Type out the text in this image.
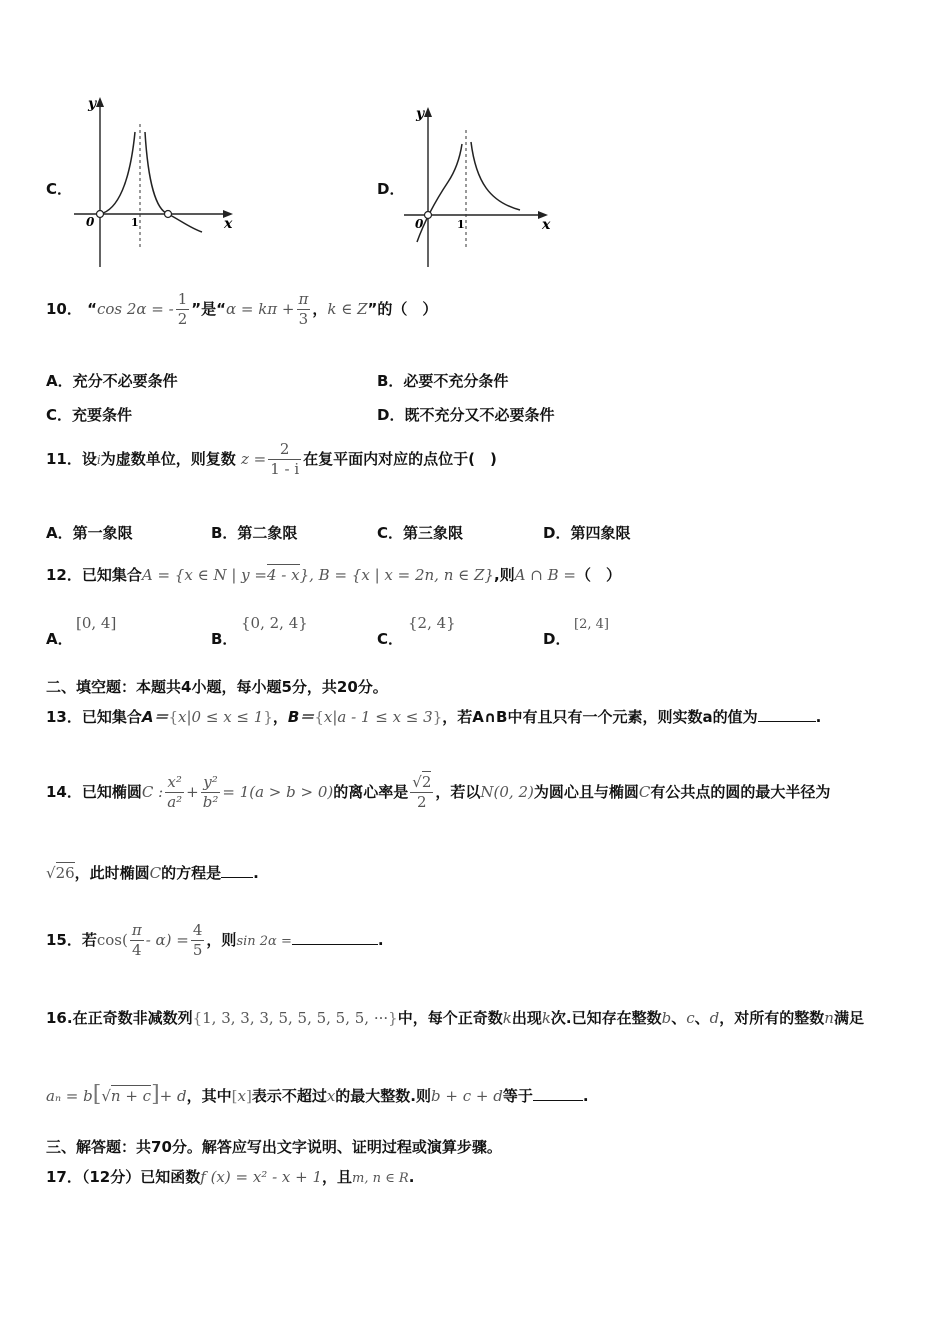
C．
y
x
0	1
D．
y
x
0	1
10． “cos 2α = - $\frac{1}{2}$ ”是“$\alpha = k\pi + \frac{\pi}{3}$ ，k ∈ Z”的（　）
A．充分不必要条件	B．必要不充分条件
C．充要条件	D．既不充分又不必要条件
11．设i为虚数单位，则复数 $z = \frac{2}{1 - i}$ 在复平面内对应的点位于(　)
A．第一象限	B．第二象限	C．第三象限	D．第四象限
12．已知集合A = {x ∈ N | y =4 - x}, B = {x | x = 2n, n ∈ Z},则A ∩ B =（　）
A．
[0, 4]
B．
{0, 2, 4}
C．
{2, 4}
D．
[2, 4]
二、填空题：本题共4小题，每小题5分，共20分。
13．已知集合A＝{x|0 ≤ x ≤ 1}，B＝{x|a - 1 ≤ x ≤ 3}，若A∩B中有且只有一个元素，则实数a的值为	.
14．已知椭圆C : $\frac{\text{x²}}{\text{a²}} + \frac{\text{y²}}{\text{b²}} = 1(a > b > 0)$的离心率是 $\frac{√2}{2}$ ，若以N(0, 2)为圆心且与椭圆C有公共点的圆的最大半径为
√26，此时椭圆C的方程是 .
15．若$\cos( \frac{\pi}{4} - \alpha) = \frac{4}{5}$ ，则sin 2α =	.
16.在正奇数非减数列{1, 3, 3, 3, 5, 5, 5, 5, 5, ···}中，每个正奇数k出现k次.已知存在整数b、c、d，对所有的整数n满足
aₙ = b[√n + c]+ d，其中[x]表示不超过x的最大整数.则b + c + d等于	.
三、解答题：共70分。解答应写出文字说明、证明过程或演算步骤。
17．（12分）已知函数f (x) = x² - x + 1，且m, n ∈ R.
